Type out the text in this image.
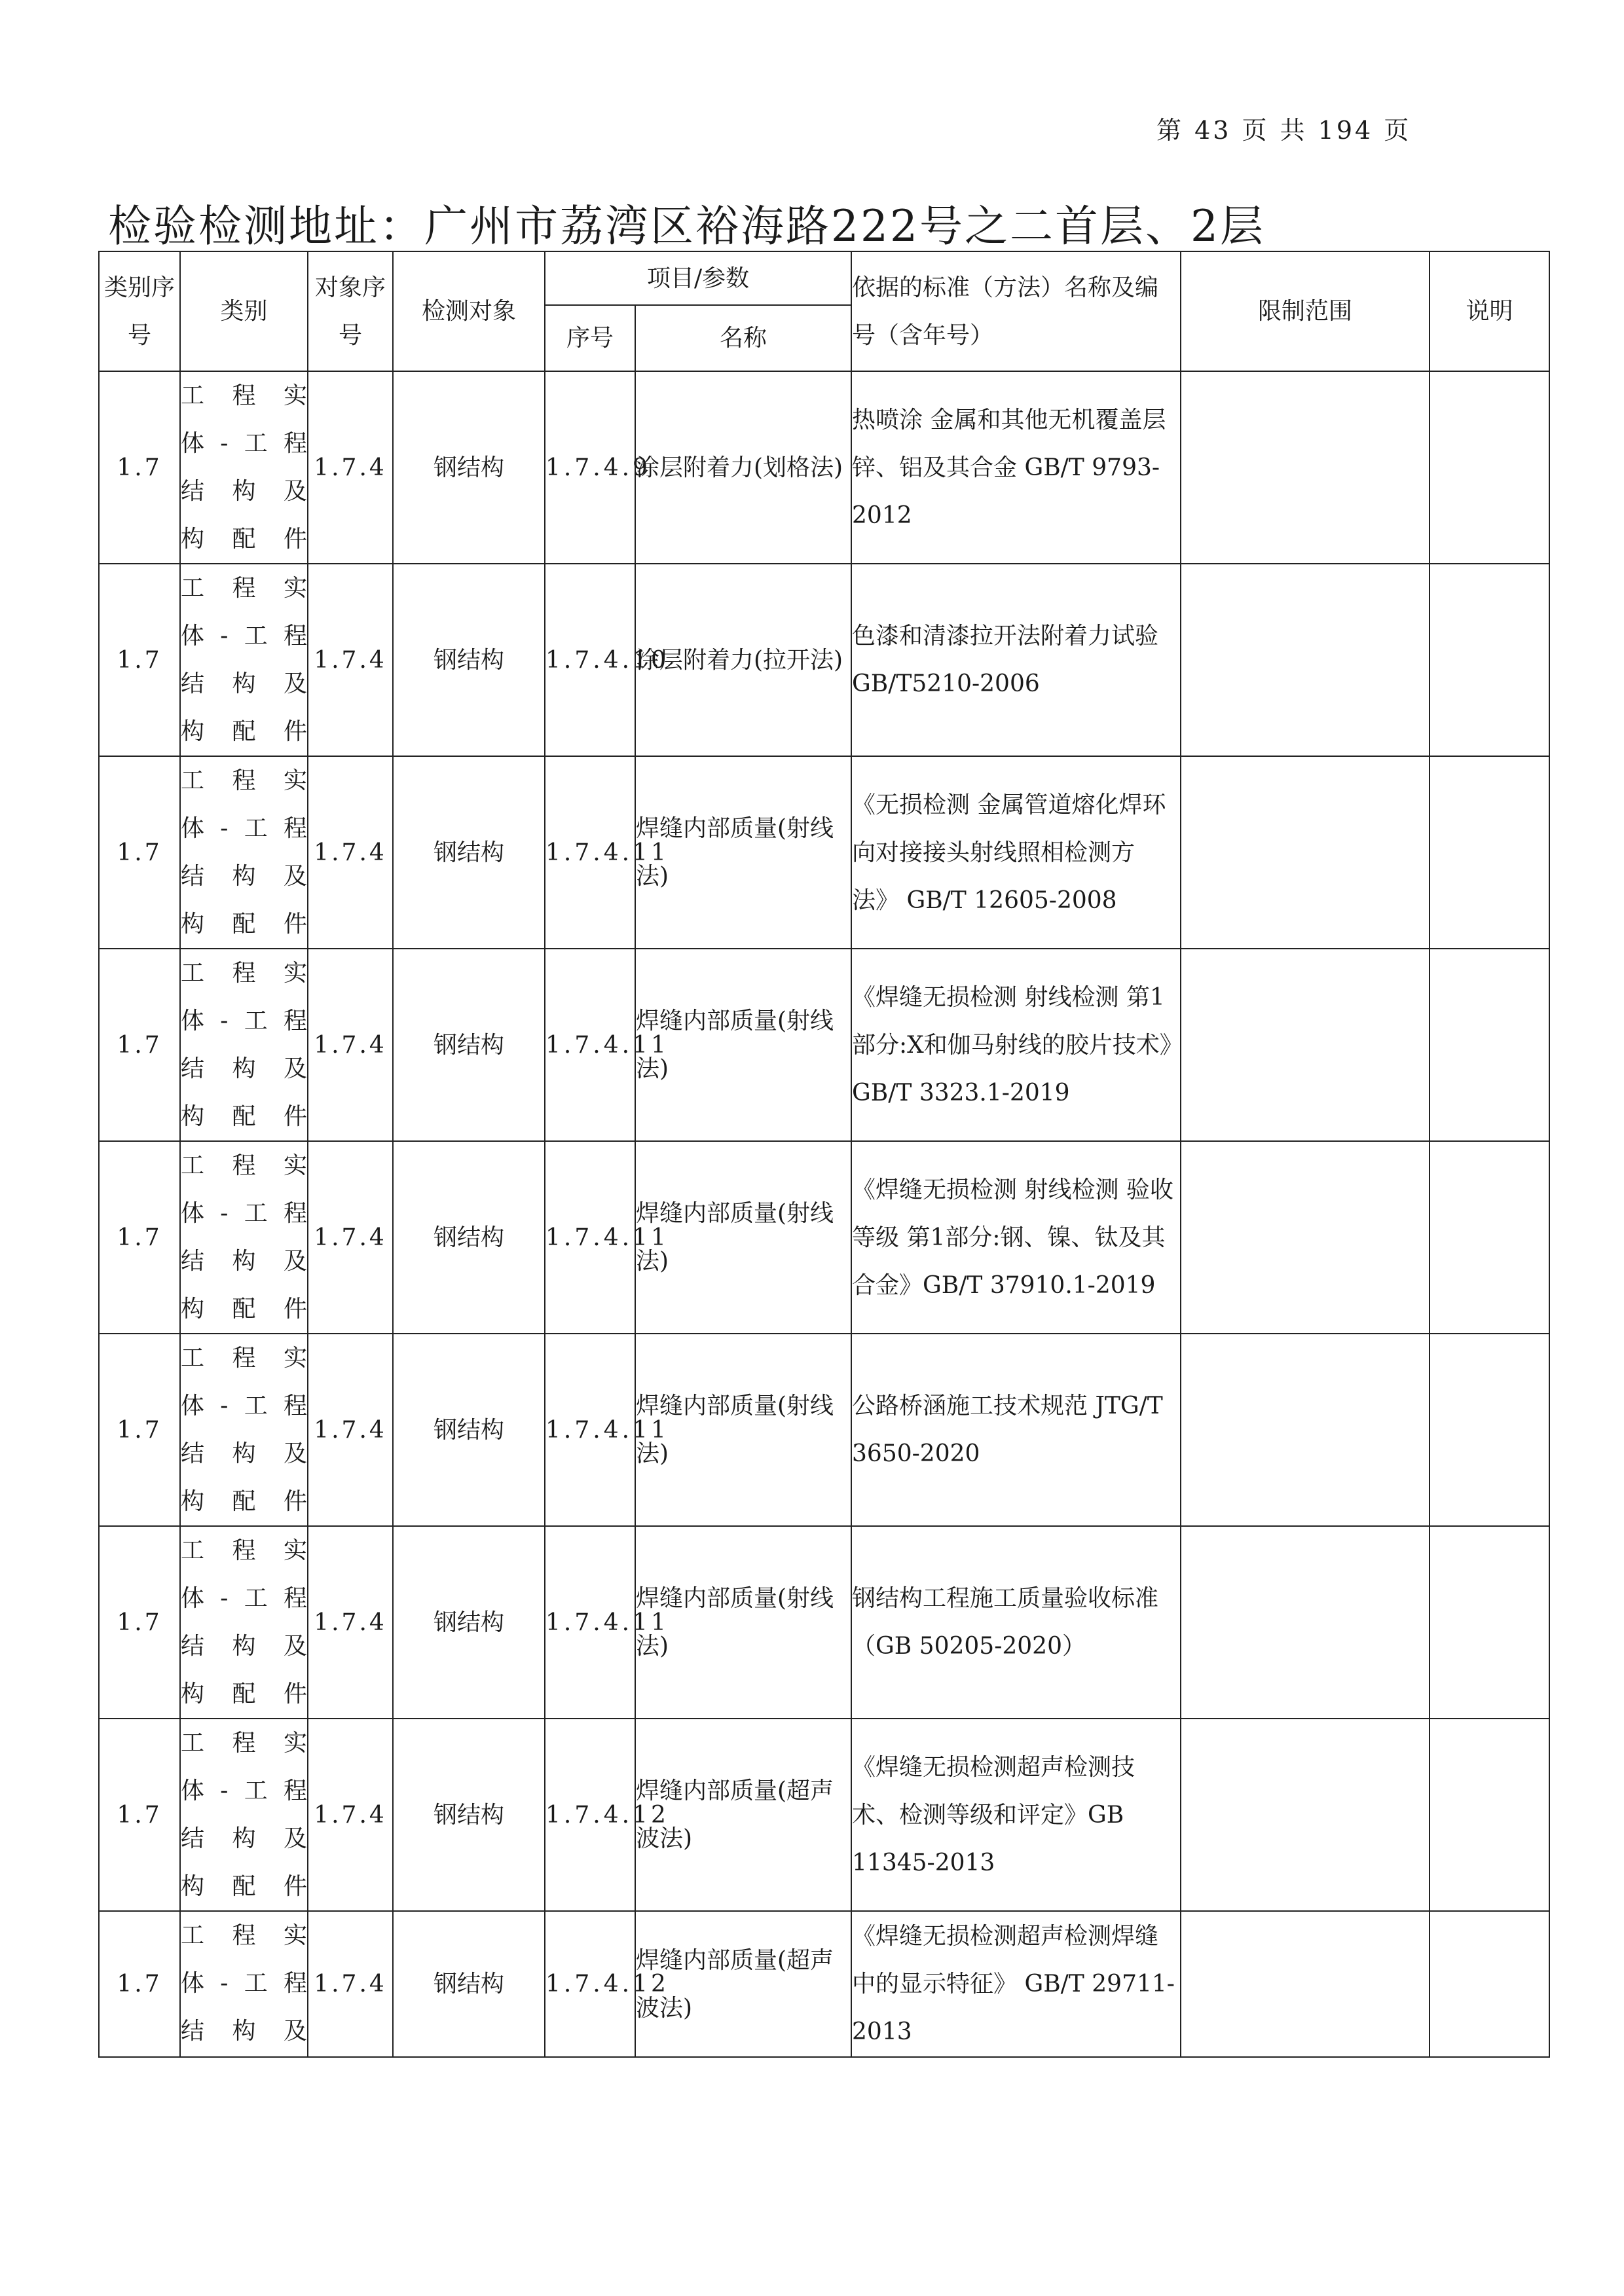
第 43 页 共 194 页
检验检测地址：广州市荔湾区裕海路222号之二首层、2层
类别序号	类别	对象序号	检测对象	项目/参数		依据的标准（方法）名称及编号（含年号）	限制范围	说明
				序号	名称			
1.7	工程实
体-工程
结构及
构配件	1.7.4	钢结构	1.7.4.9	涂层附着力(划格法)	热喷涂 金属和其他无机覆盖层 锌、铝及其合金 GB/T 9793-2012		
1.7	工程实
体-工程
结构及
构配件	1.7.4	钢结构	1.7.4.10	涂层附着力(拉开法)	色漆和清漆拉开法附着力试验GB/T5210-2006		
1.7	工程实
体-工程
结构及
构配件	1.7.4	钢结构	1.7.4.11	焊缝内部质量(射线法)	《无损检测 金属管道熔化焊环向对接接头射线照相检测方法》 GB/T 12605-2008		
1.7	工程实
体-工程
结构及
构配件	1.7.4	钢结构	1.7.4.11	焊缝内部质量(射线法)	《焊缝无损检测 射线检测 第1部分:X和伽马射线的胶片技术》GB/T 3323.1-2019		
1.7	工程实
体-工程
结构及
构配件	1.7.4	钢结构	1.7.4.11	焊缝内部质量(射线法)	《焊缝无损检测 射线检测 验收等级 第1部分:钢、镍、钛及其合金》GB/T 37910.1-2019		
1.7	工程实
体-工程
结构及
构配件	1.7.4	钢结构	1.7.4.11	焊缝内部质量(射线法)	公路桥涵施工技术规范 JTG/T 3650-2020		
1.7	工程实
体-工程
结构及
构配件	1.7.4	钢结构	1.7.4.11	焊缝内部质量(射线法)	钢结构工程施工质量验收标准（GB 50205-2020）		
1.7	工程实
体-工程
结构及
构配件	1.7.4	钢结构	1.7.4.12	焊缝内部质量(超声波法)	《焊缝无损检测超声检测技术、检测等级和评定》GB 11345-2013		
1.7	工程实
体-工程
结构及	1.7.4	钢结构	1.7.4.12	焊缝内部质量(超声波法)	《焊缝无损检测超声检测焊缝中的显示特征》 GB/T 29711-2013		
